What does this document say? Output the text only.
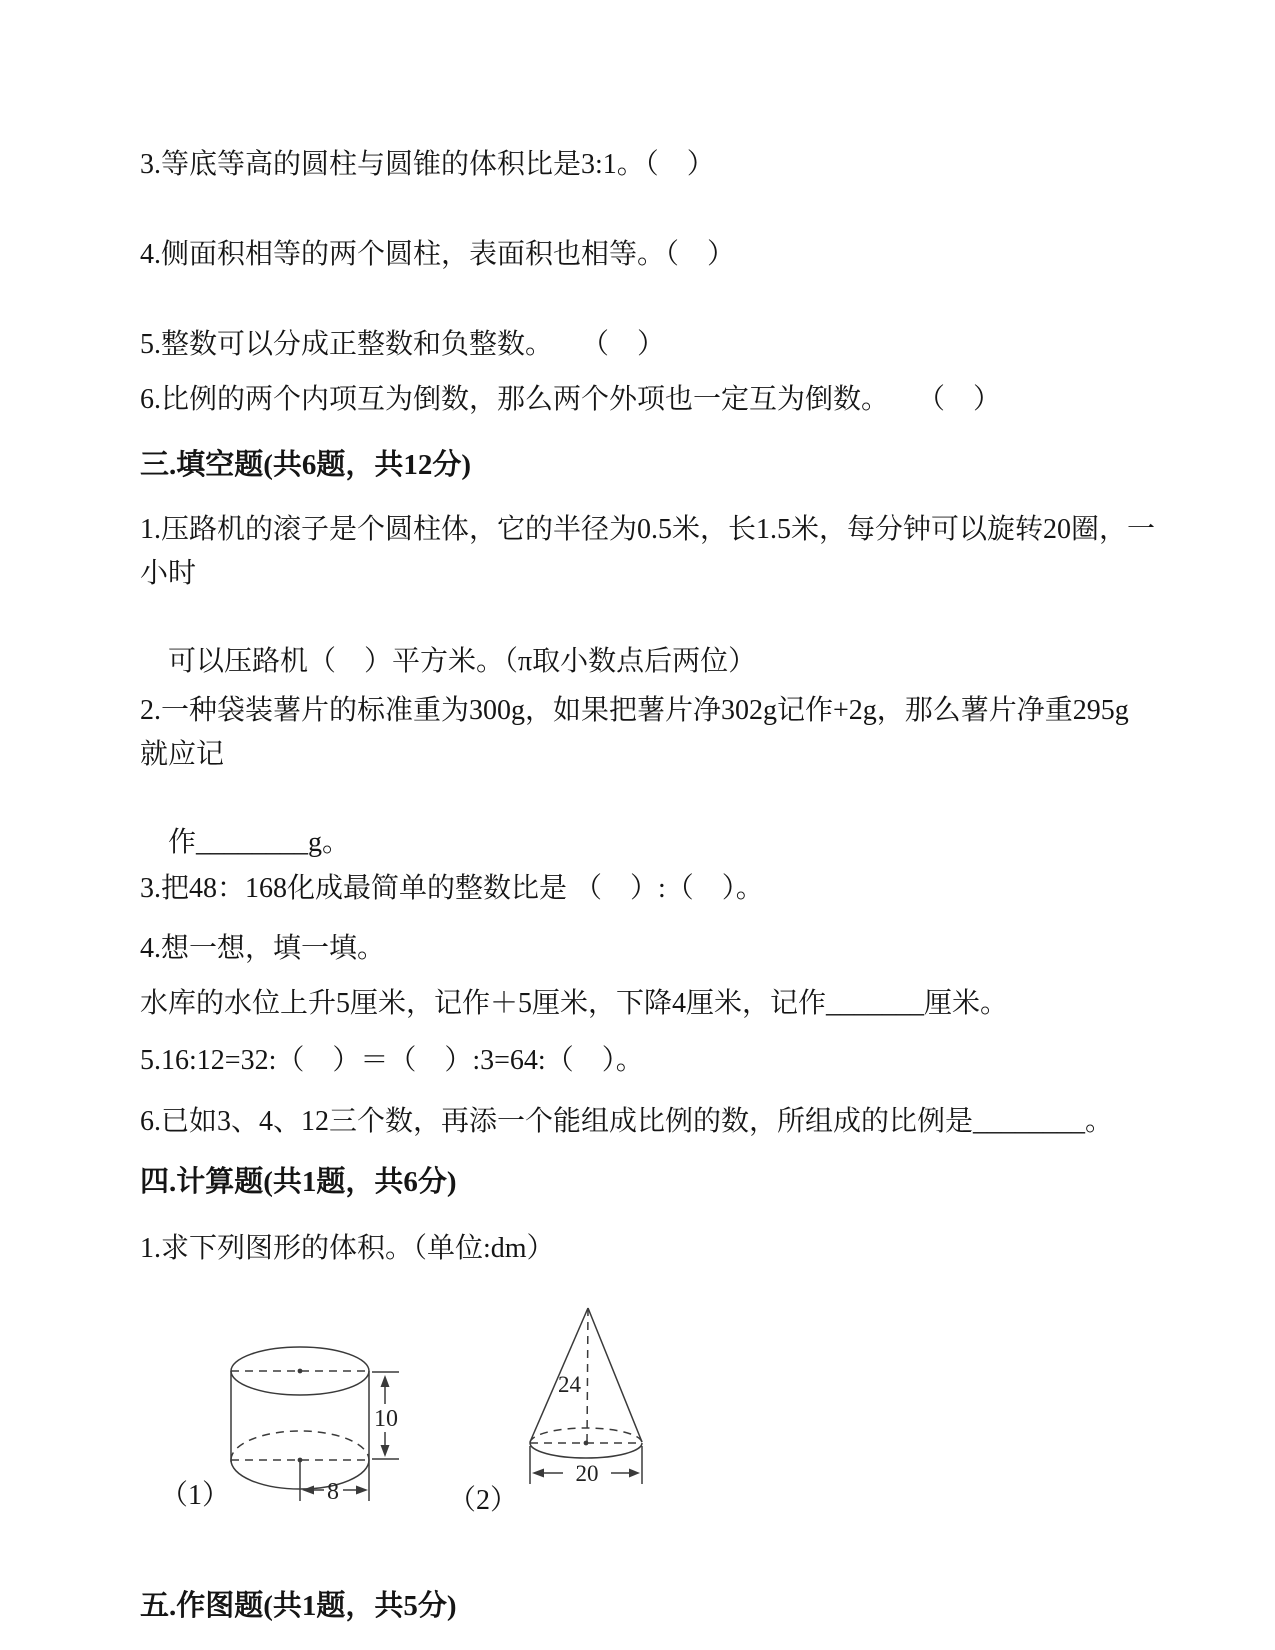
3.等底等高的圆柱与圆锥的体积比是3:1。（　）
4.侧面积相等的两个圆柱，表面积也相等。（　）
5.整数可以分成正整数和负整数。　　（　）
6.比例的两个内项互为倒数，那么两个外项也一定互为倒数。　　（　）
三.填空题(共6题，共12分)
1.压路机的滚子是个圆柱体，它的半径为0.5米，长1.5米，每分钟可以旋转20圈，一小时

可以压路机（　）平方米。（π取小数点后两位）
2.一种袋装薯片的标准重为300g，如果把薯片净302g记作+2g，那么薯片净重295g就应记

作________g。
3.把48：168化成最简单的整数比是 （　）:（　）。
4.想一想，填一填。
水库的水位上升5厘米，记作＋5厘米，下降4厘米，记作_______厘米。
5.16:12=32:（　）＝（　）:3=64:（　）。
6.已如3、4、12三个数，再添一个能组成比例的数，所组成的比例是________。
四.计算题(共1题，共6分)
1.求下列图形的体积。（单位:dm）
8
10
24
20
（1）	（2）
五.作图题(共1题，共5分)
